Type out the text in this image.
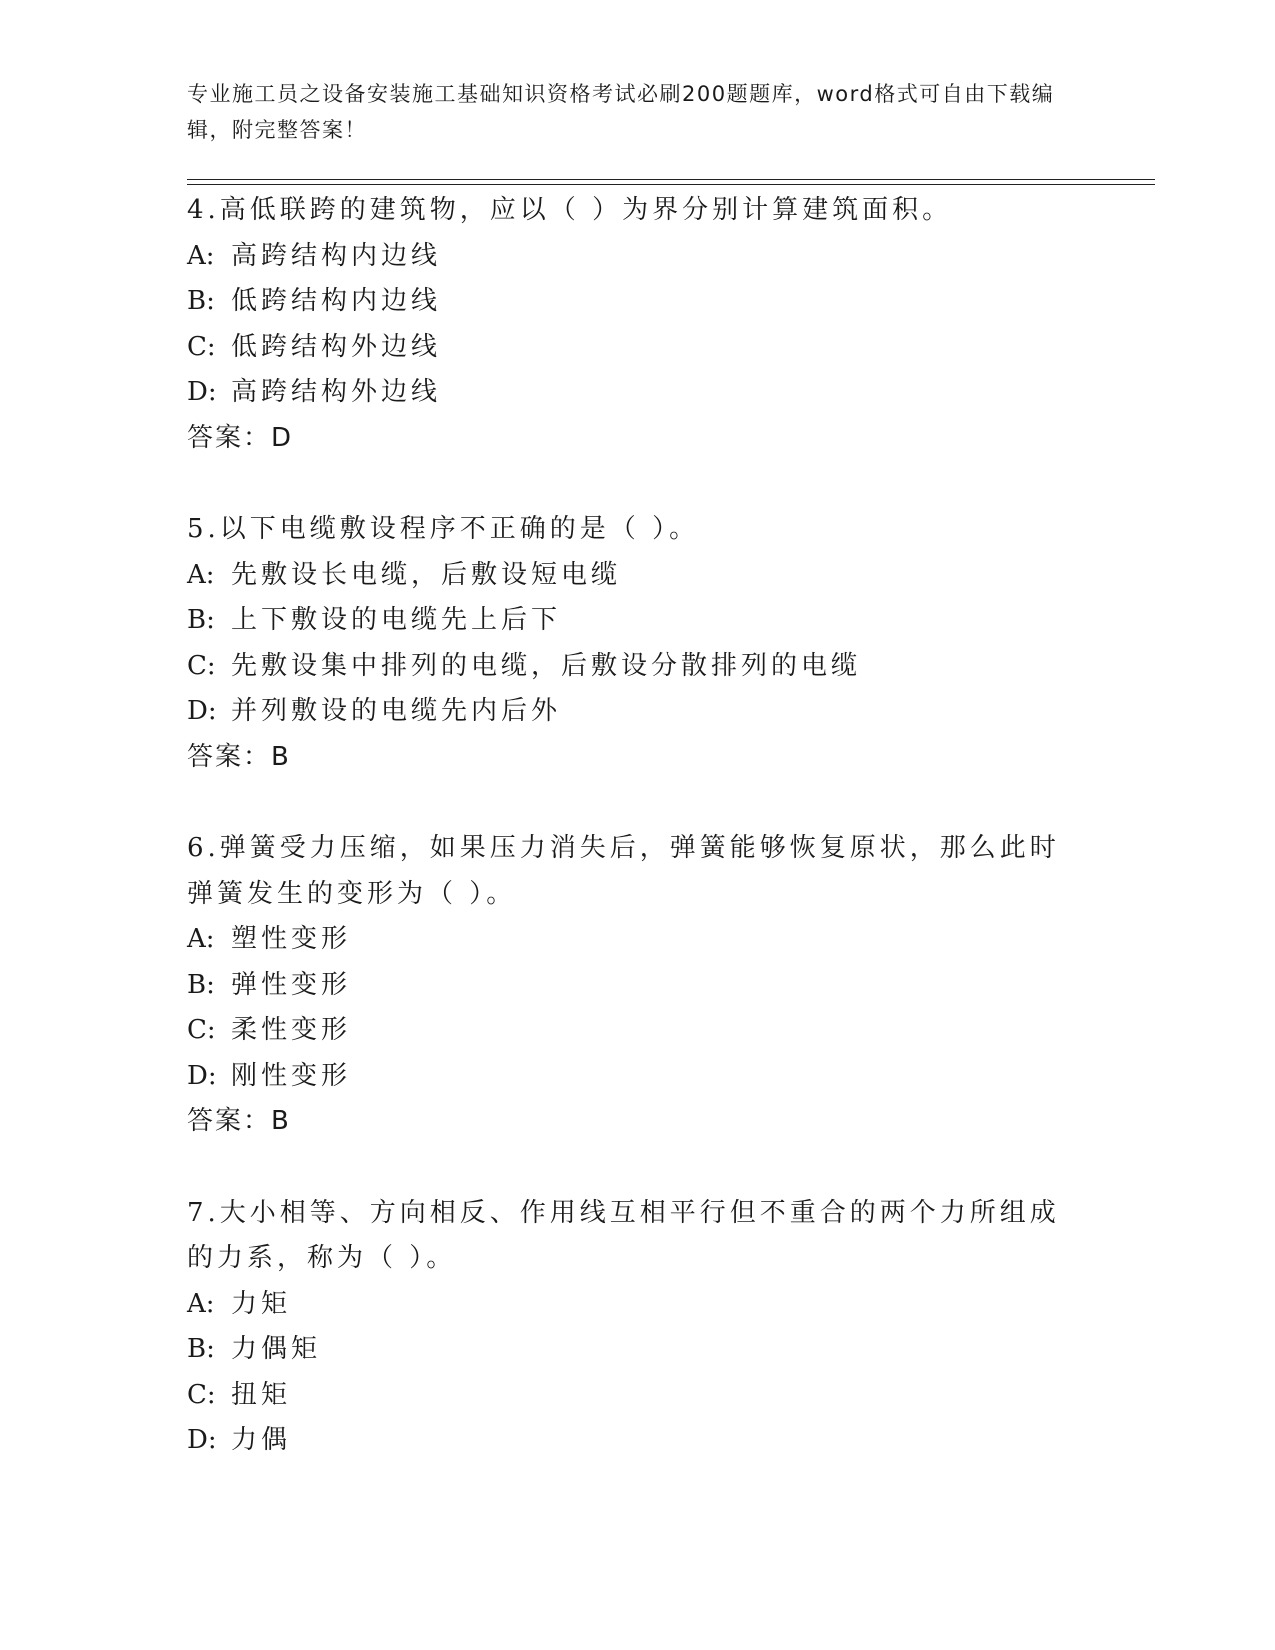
专业施工员之设备安装施工基础知识资格考试必刷200题题库，word格式可自由下载编辑，附完整答案！
4.高低联跨的建筑物，应以（ ）为界分别计算建筑面积。
A: 高跨结构内边线
B: 低跨结构内边线
C: 低跨结构外边线
D: 高跨结构外边线
答案：D
5.以下电缆敷设程序不正确的是（ ）。
A: 先敷设长电缆，后敷设短电缆
B: 上下敷设的电缆先上后下
C: 先敷设集中排列的电缆，后敷设分散排列的电缆
D: 并列敷设的电缆先内后外
答案：B
6.弹簧受力压缩，如果压力消失后，弹簧能够恢复原状，那么此时弹簧发生的变形为（ ）。
A: 塑性变形
B: 弹性变形
C: 柔性变形
D: 刚性变形
答案：B
7.大小相等、方向相反、作用线互相平行但不重合的两个力所组成的力系，称为（ ）。
A: 力矩
B: 力偶矩
C: 扭矩
D: 力偶
